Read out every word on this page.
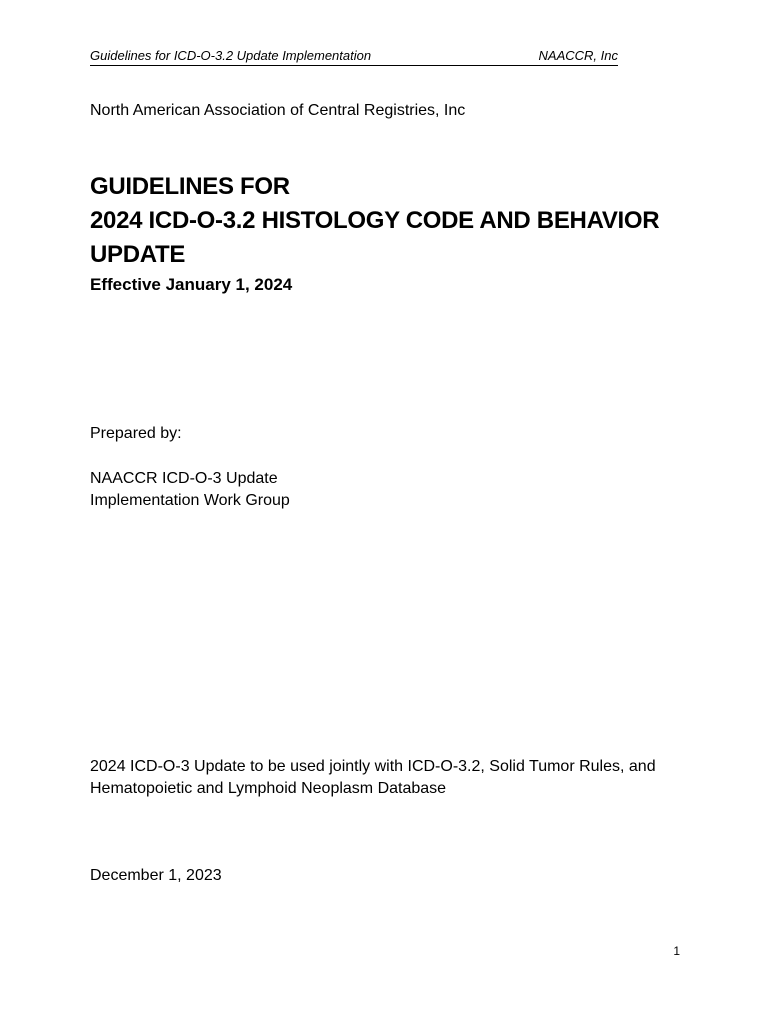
Guidelines for ICD-O-3.2 Update Implementation	NAACCR, Inc
North American Association of Central Registries, Inc
GUIDELINES FOR
2024 ICD-O-3.2 HISTOLOGY CODE AND BEHAVIOR
UPDATE
Effective January 1, 2024
Prepared by:
NAACCR ICD-O-3 Update
Implementation Work Group
2024 ICD-O-3 Update to be used jointly with ICD-O-3.2, Solid Tumor Rules, and
Hematopoietic and Lymphoid Neoplasm Database
December 1, 2023
1
